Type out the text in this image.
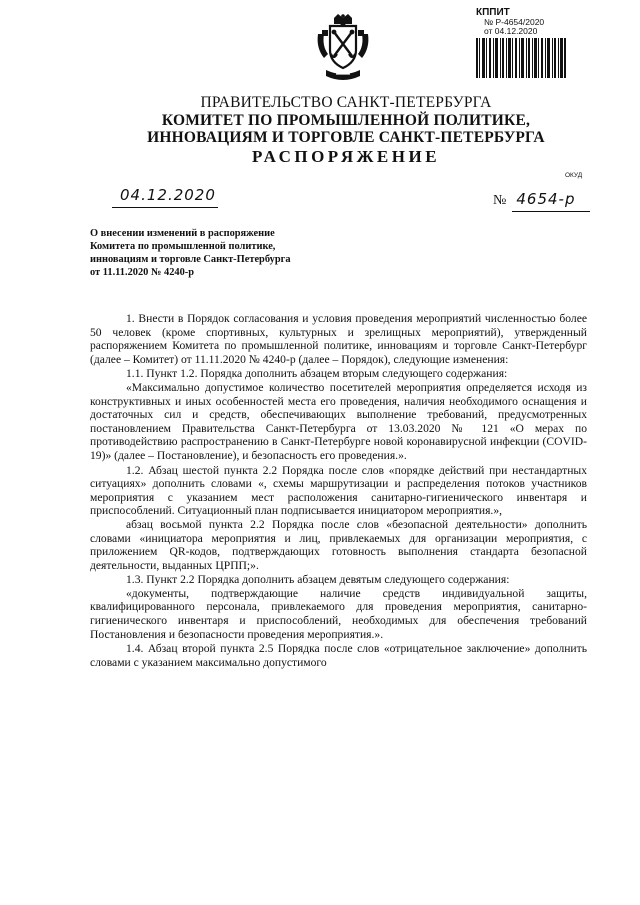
КППИТ
№ Р-4654/2020
от 04.12.2020
ПРАВИТЕЛЬСТВО САНКТ-ПЕТЕРБУРГА
КОМИТЕТ ПО ПРОМЫШЛЕННОЙ ПОЛИТИКЕ,
ИННОВАЦИЯМ И ТОРГОВЛЕ САНКТ-ПЕТЕРБУРГА
РАСПОРЯЖЕНИЕ
ОКУД
04.12.2020	№ 4654-р
О внесении изменений в распоряжение
Комитета по промышленной политике,
инновациям и торговле Санкт-Петербурга
от 11.11.2020 № 4240-р

1. Внести в Порядок согласования и условия проведения мероприятий численностью более 50 человек (кроме спортивных, культурных и зрелищных мероприятий), утвержденный распоряжением Комитета по промышленной политике, инновациям и торговле Санкт-Петербург (далее – Комитет) от 11.11.2020 № 4240-р (далее – Порядок), следующие изменения:

1.1. Пункт 1.2. Порядка дополнить абзацем вторым следующего содержания:

«Максимально допустимое количество посетителей мероприятия определяется исходя из конструктивных и иных особенностей места его проведения, наличия необходимого оснащения и достаточных сил и средств, обеспечивающих выполнение требований, предусмотренных постановлением Правительства Санкт-Петербурга от 13.03.2020 № 121 «О мерах по противодействию распространению в Санкт-Петербурге новой коронавирусной инфекции (COVID-19)» (далее – Постановление), и безопасность его проведения.».

1.2. Абзац шестой пункта 2.2 Порядка после слов «порядке действий при нестандартных ситуациях» дополнить словами «, схемы маршрутизации и распределения потоков участников мероприятия с указанием мест расположения санитарно-гигиенического инвентаря и приспособлений. Ситуационный план подписывается инициатором мероприятия.»,

абзац восьмой пункта 2.2 Порядка после слов «безопасной деятельности» дополнить словами «инициатора мероприятия и лиц, привлекаемых для организации мероприятия, с приложением QR-кодов, подтверждающих готовность выполнения стандарта безопасной деятельности, выданных ЦРПП;».

1.3. Пункт 2.2 Порядка дополнить абзацем девятым следующего содержания:

«документы, подтверждающие наличие средств индивидуальной защиты, квалифицированного персонала, привлекаемого для проведения мероприятия, санитарно-гигиенического инвентаря и приспособлений, необходимых для обеспечения требований Постановления и безопасности проведения мероприятия.».

1.4. Абзац второй пункта 2.5 Порядка после слов «отрицательное заключение» дополнить словами с указанием максимально допустимого
